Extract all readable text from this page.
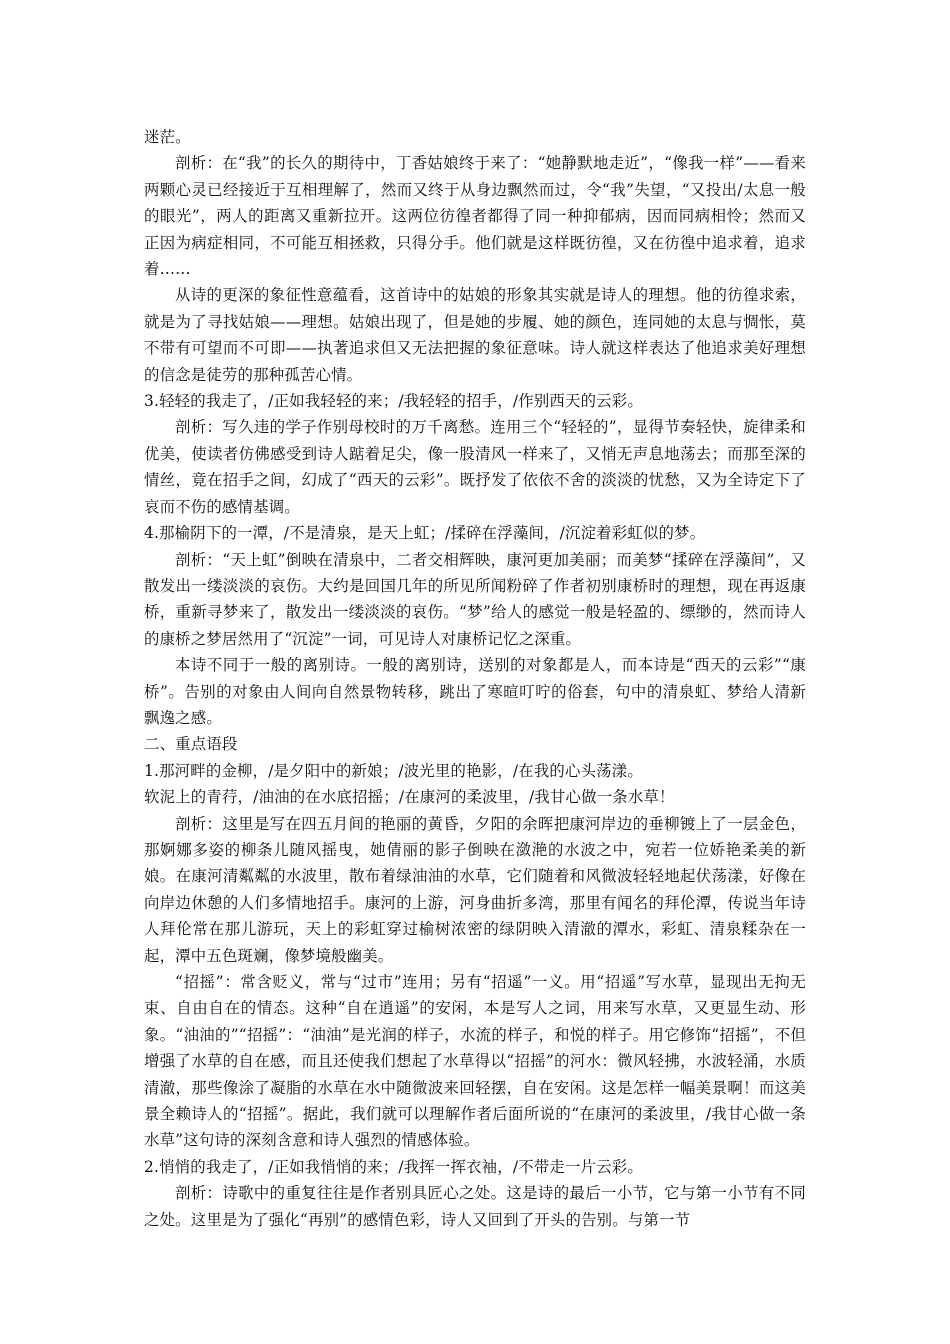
迷茫。

剖析：在“我”的长久的期待中，丁香姑娘终于来了：“她静默地走近”，“像我一样”——看来两颗心灵已经接近于互相理解了，然而又终于从身边飘然而过，令“我”失望，“又投出/太息一般的眼光”，两人的距离又重新拉开。这两位彷徨者都得了同一种抑郁病，因而同病相怜；然而又正因为病症相同，不可能互相拯救，只得分手。他们就是这样既彷徨，又在彷徨中追求着，追求着……

从诗的更深的象征性意蕴看，这首诗中的姑娘的形象其实就是诗人的理想。他的彷徨求索，就是为了寻找姑娘——理想。姑娘出现了，但是她的步履、她的颜色，连同她的太息与惆怅，莫不带有可望而不可即——执著追求但又无法把握的象征意味。诗人就这样表达了他追求美好理想的信念是徒劳的那种孤苦心情。

3.轻轻的我走了，/正如我轻轻的来；/我轻轻的招手，/作别西天的云彩。

剖析：写久违的学子作别母校时的万千离愁。连用三个“轻轻的”，显得节奏轻快，旋律柔和优美，使读者仿佛感受到诗人踮着足尖，像一股清风一样来了，又悄无声息地荡去；而那至深的情丝，竟在招手之间，幻成了“西天的云彩”。既抒发了依依不舍的淡淡的忧愁，又为全诗定下了哀而不伤的感情基调。

4.那榆阴下的一潭，/不是清泉，是天上虹；/揉碎在浮藻间，/沉淀着彩虹似的梦。

剖析：“天上虹”倒映在清泉中，二者交相辉映，康河更加美丽；而美梦“揉碎在浮藻间”，又散发出一缕淡淡的哀伤。大约是回国几年的所见所闻粉碎了作者初别康桥时的理想，现在再返康桥，重新寻梦来了，散发出一缕淡淡的哀伤。“梦”给人的感觉一般是轻盈的、缥缈的，然而诗人的康桥之梦居然用了“沉淀”一词，可见诗人对康桥记忆之深重。

本诗不同于一般的离别诗。一般的离别诗，送别的对象都是人，而本诗是“西天的云彩”“康桥”。告别的对象由人间向自然景物转移，跳出了寒暄叮咛的俗套，句中的清泉虹、梦给人清新飘逸之感。

二、重点语段

1.那河畔的金柳，/是夕阳中的新娘；/波光里的艳影，/在我的心头荡漾。

软泥上的青荇，/油油的在水底招摇；/在康河的柔波里，/我甘心做一条水草！

剖析：这里是写在四五月间的艳丽的黄昏，夕阳的余晖把康河岸边的垂柳镀上了一层金色，那婀娜多姿的柳条儿随风摇曳，她倩丽的影子倒映在潋滟的水波之中，宛若一位娇艳柔美的新娘。在康河清粼粼的水波里，散布着绿油油的水草，它们随着和风微波轻轻地起伏荡漾，好像在向岸边休憩的人们多情地招手。康河的上游，河身曲折多湾，那里有闻名的拜伦潭，传说当年诗人拜伦常在那儿游玩，天上的彩虹穿过榆树浓密的绿阴映入清澈的潭水，彩虹、清泉糅杂在一起，潭中五色斑斓，像梦境般幽美。

“招摇”：常含贬义，常与“过市”连用；另有“招遥”一义。用“招遥”写水草，显现出无拘无束、自由自在的情态。这种“自在逍遥”的安闲，本是写人之词，用来写水草，又更显生动、形象。“油油的”“招摇”：“油油”是光润的样子，水流的样子，和悦的样子。用它修饰“招摇”，不但增强了水草的自在感，而且还使我们想起了水草得以“招摇”的河水：微风轻拂，水波轻涌，水质清澈，那些像涂了凝脂的水草在水中随微波来回轻摆，自在安闲。这是怎样一幅美景啊！而这美景全赖诗人的“招摇”。据此，我们就可以理解作者后面所说的“在康河的柔波里，/我甘心做一条水草”这句诗的深刻含意和诗人强烈的情感体验。

2.悄悄的我走了，/正如我悄悄的来；/我挥一挥衣袖，/不带走一片云彩。

剖析：诗歌中的重复往往是作者别具匠心之处。这是诗的最后一小节，它与第一小节有不同之处。这里是为了强化“再别”的感情色彩，诗人又回到了开头的告别。与第一节
